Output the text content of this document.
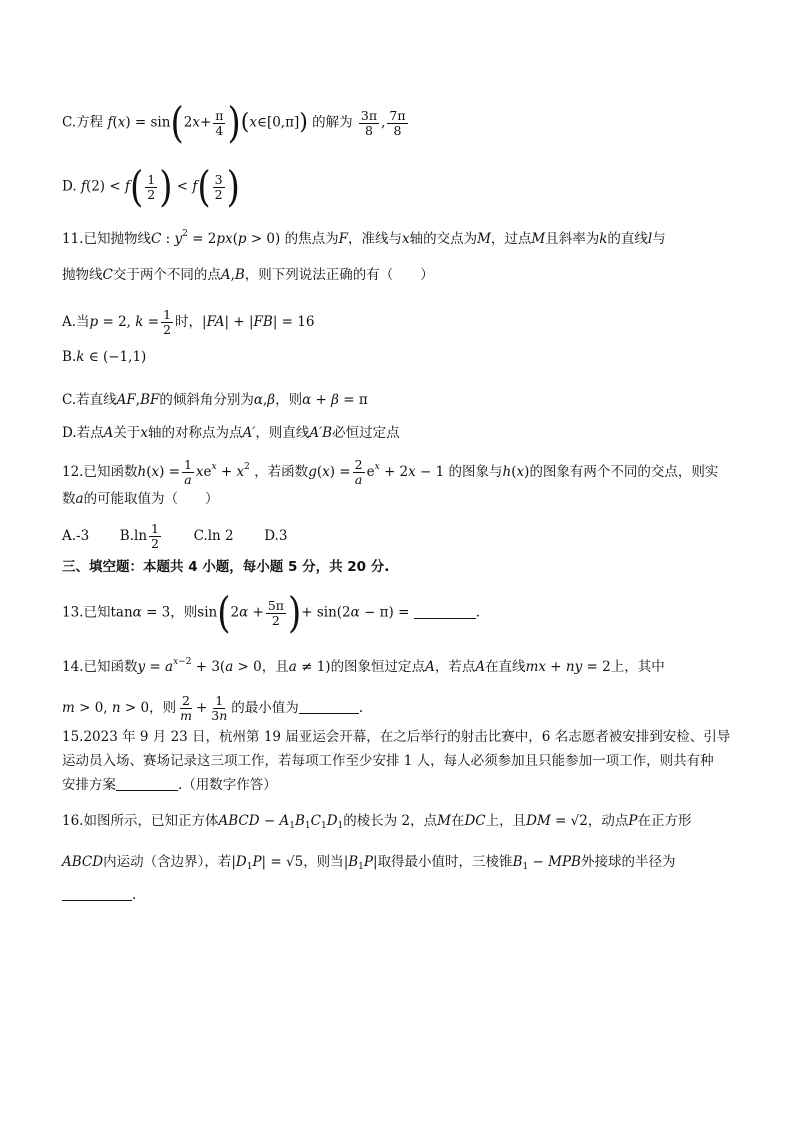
C.方程 $f(x) = \sin(2x+ \frac{\pi}{4}$ )(x∈[0,π]) 的解为 $\frac{3\pi}{8}$ , $\frac{7\pi}{8}$
D. $f(2) < f( \frac{1}{2}$ ) < $f( \frac{3}{2}$ )
11.已知抛物线C : $y^2 = 2px(p > 0)$ 的焦点为F，准线与x轴的交点为M，过点M且斜率为k的直线l与
抛物线C交于两个不同的点A,B，则下列说法正确的有（　　）
A.当p = 2, $k = \frac{1}{2}$ 时，|FA| + |FB| = 16
B.k ∈ (−1,1)
C.若直线AF,BF的倾斜角分别为α,β，则α + β = π
D.若点A关于x轴的对称点为点A′，则直线A′B必恒过定点
12.已知函数$h(x) = \frac{1}{a} xe^x + x^2$ ，若函数$g(x) = \frac{2}{a} e^x + 2x - 1$ 的图象与h(x)的图象有两个不同的交点，则实
数a的可能取值为（　　）
A.-3 $B.\ln \frac{1}{2} C.\ln$ 2 D.3
三、填空题：本题共 4 小题，每小题 5 分，共 20 分.
13.已知tanα = 3，则$\sin(2\alpha + \frac{5\pi}{2}$ )+ sin(2α − π) =	.
14.已知函数$y = a^{x-2} + 3(a > 0$，且a ≠ 1)的图象恒过定点A，若点A在直线mx + ny = 2上，其中
m > 0, n > 0，则 $\frac{2}{m} + \frac{1}{3n}$ 的最小值为	.
15.2023 年 9 月 23 日，杭州第 19 届亚运会开幕，在之后举行的射击比赛中，6 名志愿者被安排到安检、引导
运动员入场、赛场记录这三项工作，若每项工作至少安排 1 人，每人必须参加且只能参加一项工作，则共有种
安排方案	.（用数字作答）
16.如图所示，已知正方体ABCD − $A_1B_1C_1D_1$的棱长为 2，点M在DC上，且DM = √2，动点P在正方形
ABCD内运动（含边界），若$|D_1P| = √5$，则当$|B_1P|$取得最小值时，三棱锥$B_1$ − MPB外接球的半径为
.
